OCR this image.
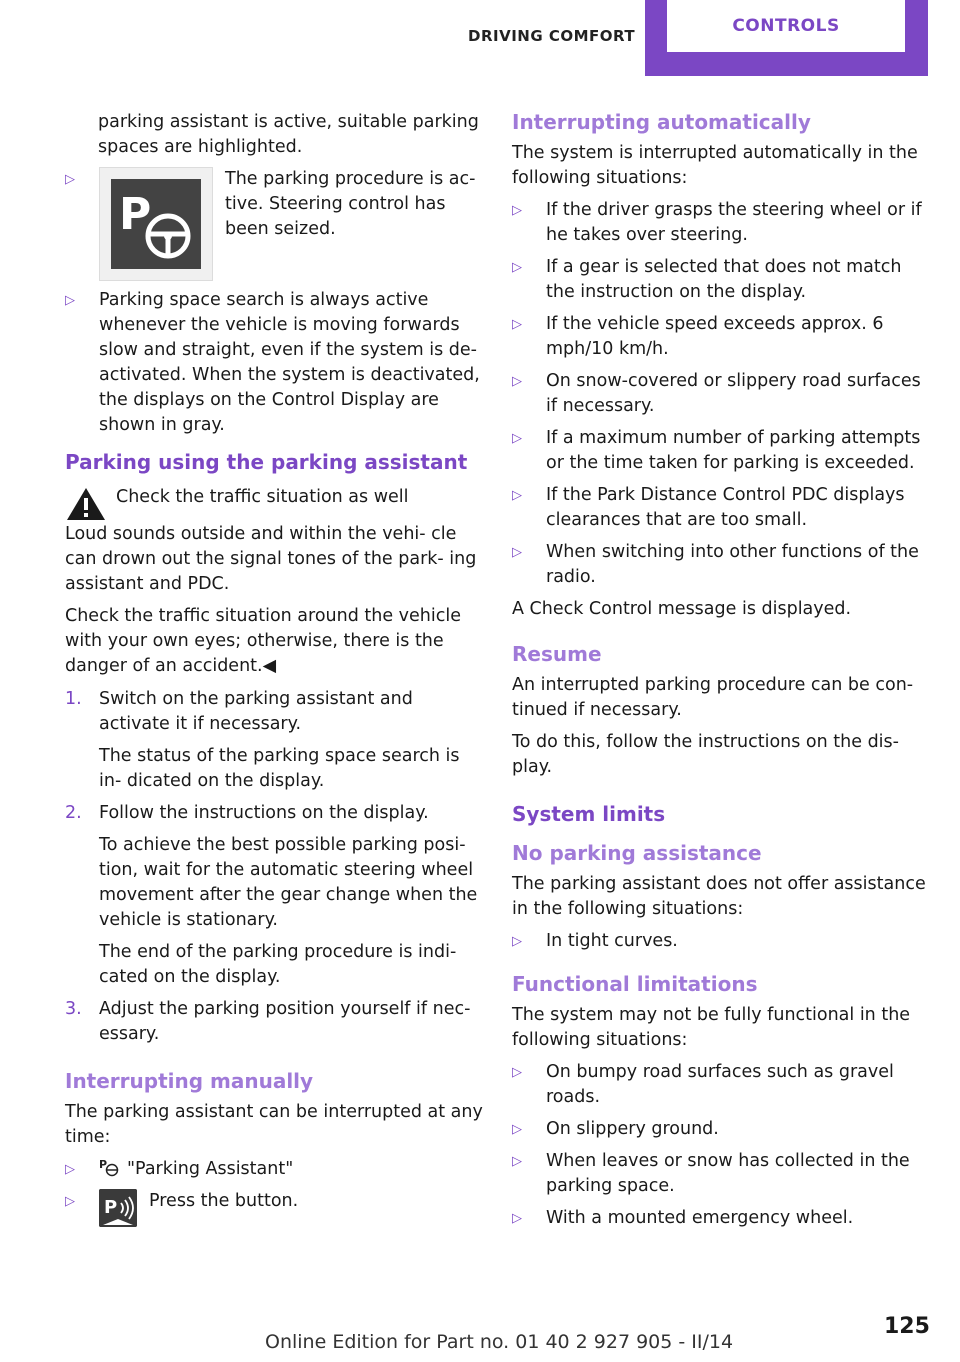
DRIVING COMFORT	CONTROLS

parking assistant is active, suitable parking spaces are highlighted.

▷ P
The parking procedure is ac- tive. Steering control has been seized.
▷ Parking space search is always active whenever the vehicle is moving forwards slow and straight, even if the system is de- activated. When the system is deactivated, the displays on the Control Display are shown in gray.
Parking using the parking assistant

Check the traffic situation as well

Loud sounds outside and within the vehi- cle can drown out the signal tones of the park- ing assistant and PDC.

Check the traffic situation around the vehicle with your own eyes; otherwise, there is the danger of an accident.◀

1. Switch on the parking assistant and activate it if necessary.
The status of the parking space search is in- dicated on the display.
2. Follow the instructions on the display.
To achieve the best possible parking posi- tion, wait for the automatic steering wheel movement after the gear change when the vehicle is stationary.
The end of the parking procedure is indi- cated on the display.
3. Adjust the parking position yourself if nec- essary.
Interrupting manually

The parking assistant can be interrupted at any time:

▷ P "Parking Assistant"
▷ P Press the button.
Interrupting automatically

The system is interrupted automatically in the following situations:

▷ If the driver grasps the steering wheel or if he takes over steering.
▷ If a gear is selected that does not match the instruction on the display.
▷ If the vehicle speed exceeds approx. 6 mph/10 km/h.
▷ On snow-covered or slippery road surfaces if necessary.
▷ If a maximum number of parking attempts or the time taken for parking is exceeded.
▷ If the Park Distance Control PDC displays clearances that are too small.
▷ When switching into other functions of the radio.

A Check Control message is displayed.

Resume

An interrupted parking procedure can be con- tinued if necessary.

To do this, follow the instructions on the dis- play.

System limits
No parking assistance

The parking assistant does not offer assistance in the following situations:

▷ In tight curves.
Functional limitations

The system may not be fully functional in the following situations:

▷ On bumpy road surfaces such as gravel roads.
▷ On slippery ground.
▷ When leaves or snow has collected in the parking space.
▷ With a mounted emergency wheel.
125
Online Edition for Part no. 01 40 2 927 905 - II/14
